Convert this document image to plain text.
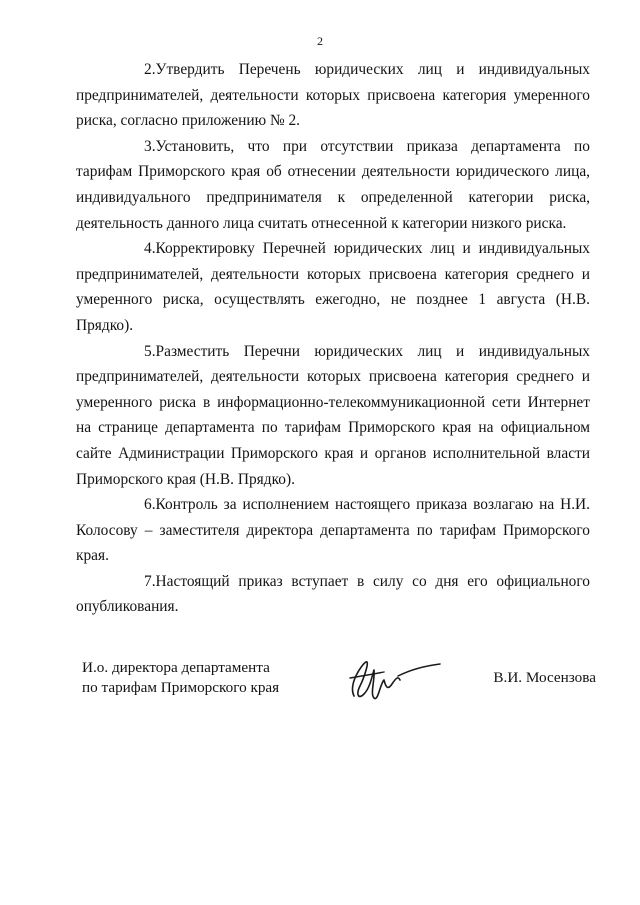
2

2.Утвердить Перечень юридических лиц и индивидуальных предпринимателей, деятельности которых присвоена категория умеренного риска, согласно приложению № 2.

3.Установить, что при отсутствии приказа департамента по тарифам Приморского края об отнесении деятельности юридического лица, индивидуального предпринимателя к определенной категории риска, деятельность данного лица считать отнесенной к категории низкого риска.

4.Корректировку Перечней юридических лиц и индивидуальных предпринимателей, деятельности которых присвоена категория среднего и умеренного риска, осуществлять ежегодно, не позднее 1 августа (Н.В. Прядко).

5.Разместить Перечни юридических лиц и индивидуальных предпринимателей, деятельности которых присвоена категория среднего и умеренного риска в информационно-телекоммуникационной сети Интернет на странице департамента по тарифам Приморского края на официальном сайте Администрации Приморского края и органов исполнительной власти Приморского края (Н.В. Прядко).

6.Контроль за исполнением настоящего приказа возлагаю на Н.И. Колосову – заместителя директора департамента по тарифам Приморского края.

7.Настоящий приказ вступает в силу со дня его официального опубликования.

И.о. директора департамента
по тарифам Приморского края
В.И. Мосензова
